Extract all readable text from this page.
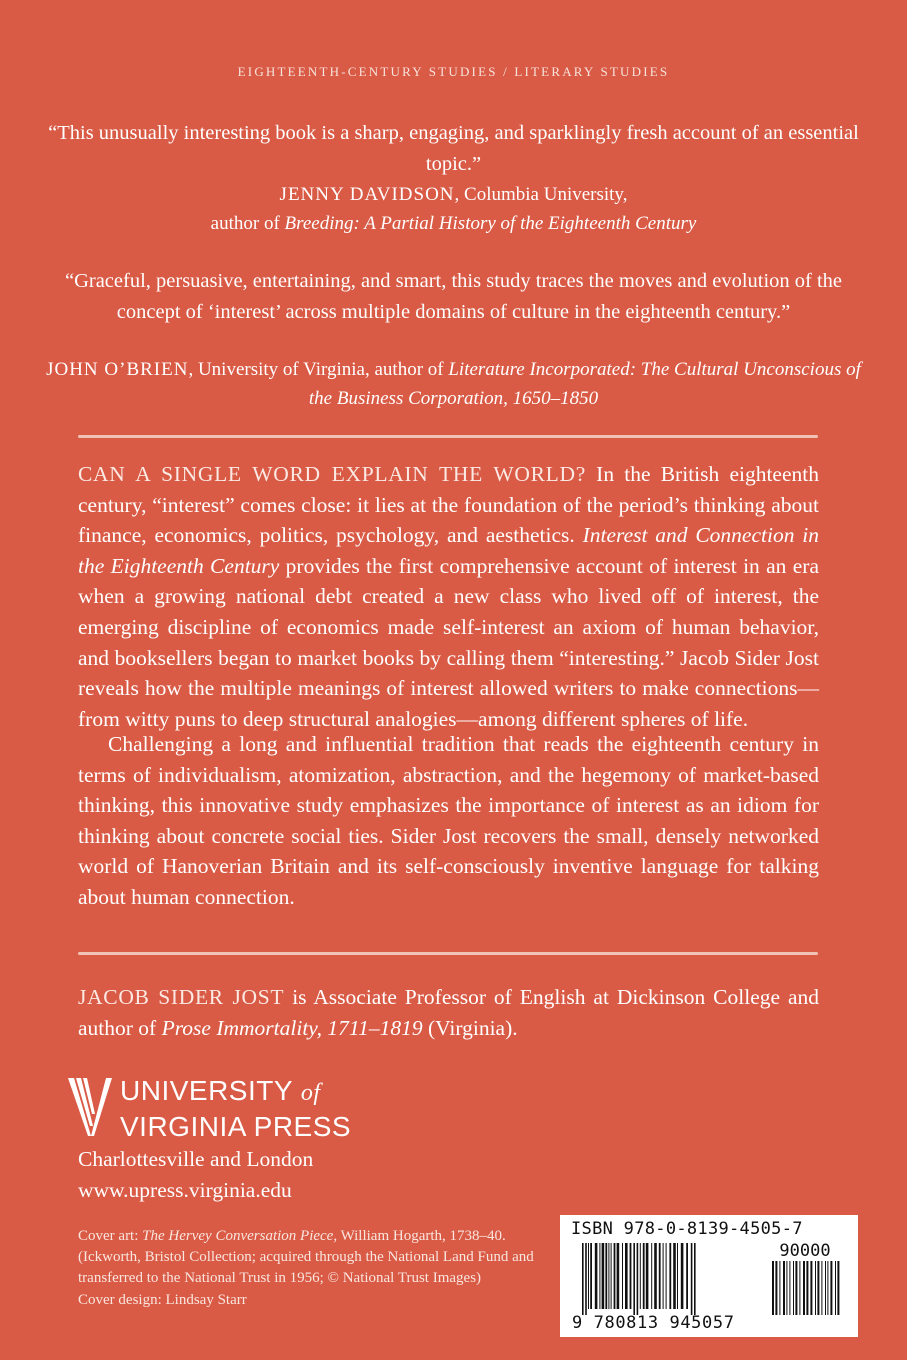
EIGHTEENTH-CENTURY STUDIES / LITERARY STUDIES
“This unusually interesting book is a sharp, engaging, and sparklingly fresh account of an essential topic.”
JENNY DAVIDSON, Columbia University,
author of Breeding: A Partial History of the Eighteenth Century
“Graceful, persuasive, entertaining, and smart, this study traces the moves and evolution of the concept of ‘interest’ across multiple domains of culture in the eighteenth century.”
JOHN O’BRIEN, University of Virginia, author of Literature Incorporated: The Cultural Unconscious of the Business Corporation, 1650–1850
CAN A SINGLE WORD EXPLAIN THE WORLD? In the British eighteenth century, “interest” comes close: it lies at the foundation of the period’s thinking about finance, economics, politics, psychology, and aesthetics. Interest and Connection in the Eighteenth Century provides the first comprehensive account of interest in an era when a growing national debt created a new class who lived off of interest, the emerging discipline of economics made self-interest an axiom of human behavior, and booksellers began to market books by calling them “interesting.” Jacob Sider Jost reveals how the multiple meanings of interest allowed writers to make connections—from witty puns to deep structural analogies—among different spheres of life.
Challenging a long and influential tradition that reads the eighteenth century in terms of individualism, atomization, abstraction, and the hegemony of market-based thinking, this innovative study emphasizes the importance of interest as an idiom for thinking about concrete social ties. Sider Jost recovers the small, densely networked world of Hanoverian Britain and its self-consciously inventive language for talking about human connection.
JACOB SIDER JOST is Associate Professor of English at Dickinson College and author of Prose Immortality, 1711–1819 (Virginia).
UNIVERSITY of
VIRGINIA PRESS
Charlottesville and London
www.upress.virginia.edu
Cover art: The Hervey Conversation Piece, William Hogarth, 1738–40. (Ickworth, Bristol Collection; acquired through the National Land Fund and transferred to the National Trust in 1956; © National Trust Images)
Cover design: Lindsay Starr
ISBN 978-0-8139-4505-7
90000
9 780813 945057
